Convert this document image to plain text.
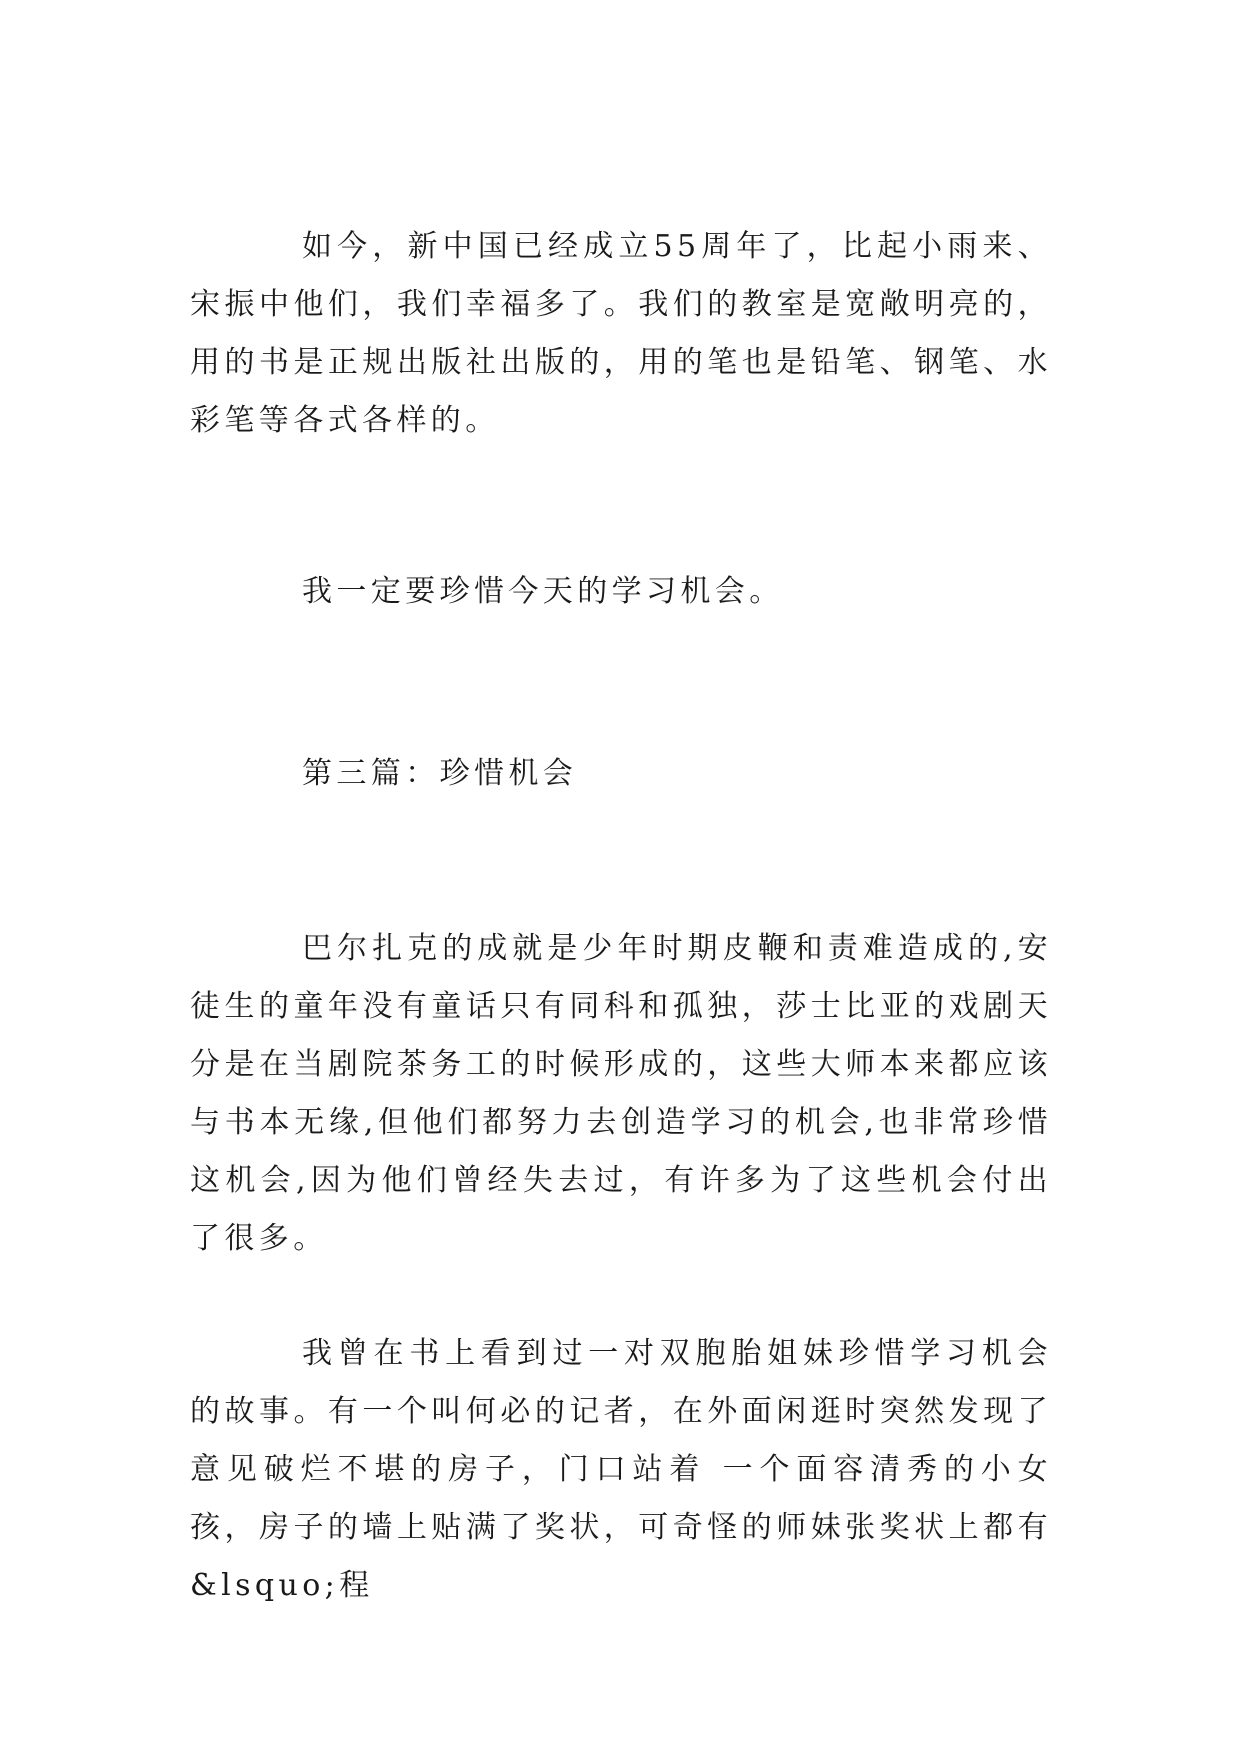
如今，新中国已经成立55周年了，比起小雨来、宋振中他们，我们幸福多了。我们的教室是宽敞明亮的，用的书是正规出版社出版的，用的笔也是铅笔、钢笔、水彩笔等各式各样的。

我一定要珍惜今天的学习机会。

第三篇：珍惜机会

巴尔扎克的成就是少年时期皮鞭和责难造成的,安徒生的童年没有童话只有同科和孤独，莎士比亚的戏剧天分是在当剧院茶务工的时候形成的，这些大师本来都应该与书本无缘,但他们都努力去创造学习的机会,也非常珍惜这机会,因为他们曾经失去过，有许多为了这些机会付出了很多。

我曾在书上看到过一对双胞胎姐妹珍惜学习机会的故事。有一个叫何必的记者，在外面闲逛时突然发现了意见破烂不堪的房子，门口站着 一个面容清秀的小女孩，房子的墙上贴满了奖状，可奇怪的师妹张奖状上都有&lsquo;程
